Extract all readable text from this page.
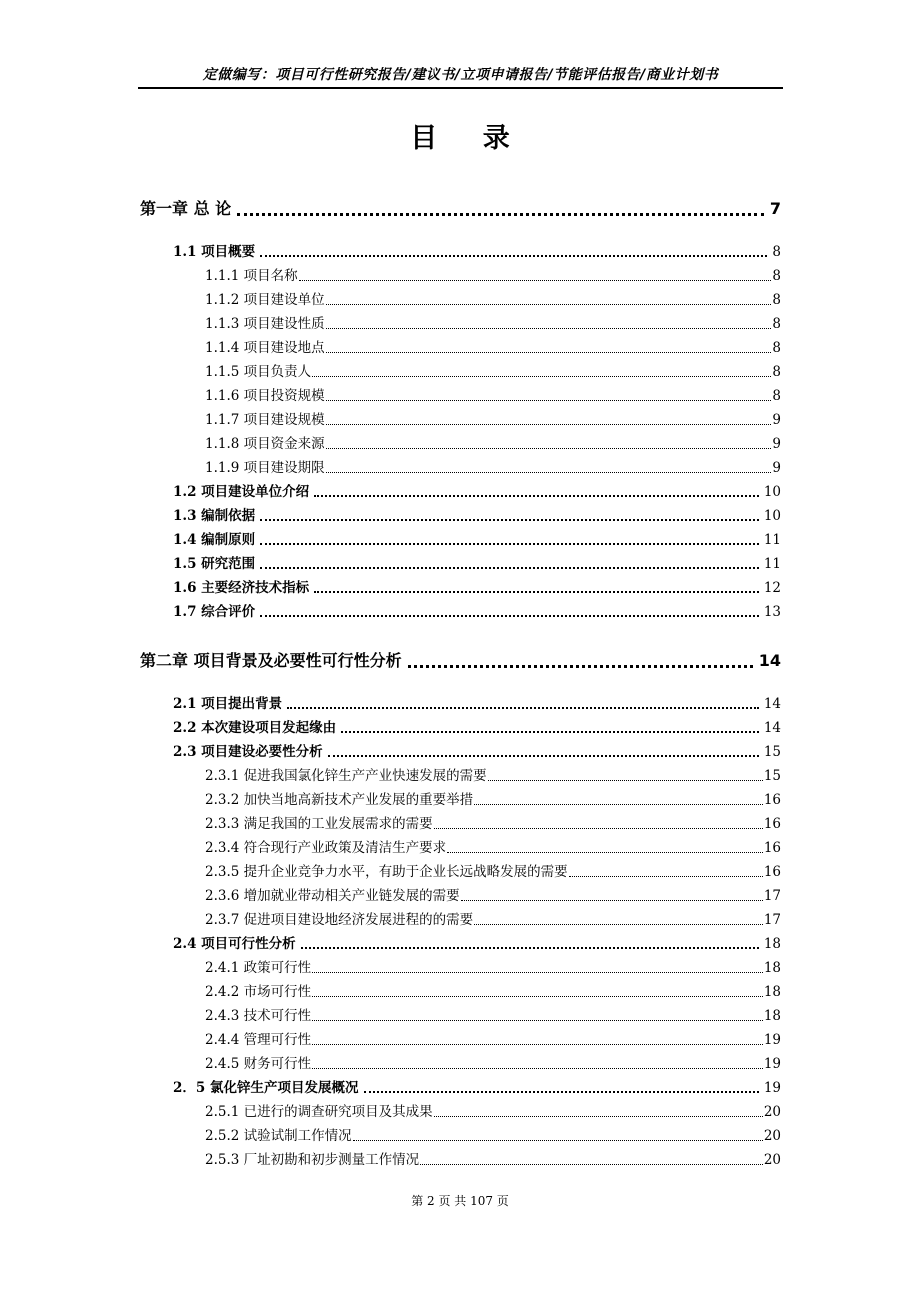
定做编写：项目可行性研究报告/建议书/立项申请报告/节能评估报告/商业计划书
目 录
第一章 总 论	7
1.1 项目概要	8
1.1.1 项目名称	8
1.1.2 项目建设单位	8
1.1.3 项目建设性质	8
1.1.4 项目建设地点	8
1.1.5 项目负责人	8
1.1.6 项目投资规模	8
1.1.7 项目建设规模	9
1.1.8 项目资金来源	9
1.1.9 项目建设期限	9
1.2 项目建设单位介绍	10
1.3 编制依据	10
1.4 编制原则	11
1.5 研究范围	11
1.6 主要经济技术指标	12
1.7 综合评价	13
第二章 项目背景及必要性可行性分析	14
2.1 项目提出背景	14
2.2 本次建设项目发起缘由	14
2.3 项目建设必要性分析	15
2.3.1 促进我国氯化锌生产产业快速发展的需要	15
2.3.2 加快当地高新技术产业发展的重要举措	16
2.3.3 满足我国的工业发展需求的需要	16
2.3.4 符合现行产业政策及清洁生产要求	16
2.3.5 提升企业竞争力水平，有助于企业长远战略发展的需要	16
2.3.6 增加就业带动相关产业链发展的需要	17
2.3.7 促进项目建设地经济发展进程的的需要	17
2.4 项目可行性分析	18
2.4.1 政策可行性	18
2.4.2 市场可行性	18
2.4.3 技术可行性	18
2.4.4 管理可行性	19
2.4.5 财务可行性	19
2．5 氯化锌生产项目发展概况	19
2.5.1 已进行的调查研究项目及其成果	20
2.5.2 试验试制工作情况	20
2.5.3 厂址初勘和初步测量工作情况	20
第 2 页 共 107 页
